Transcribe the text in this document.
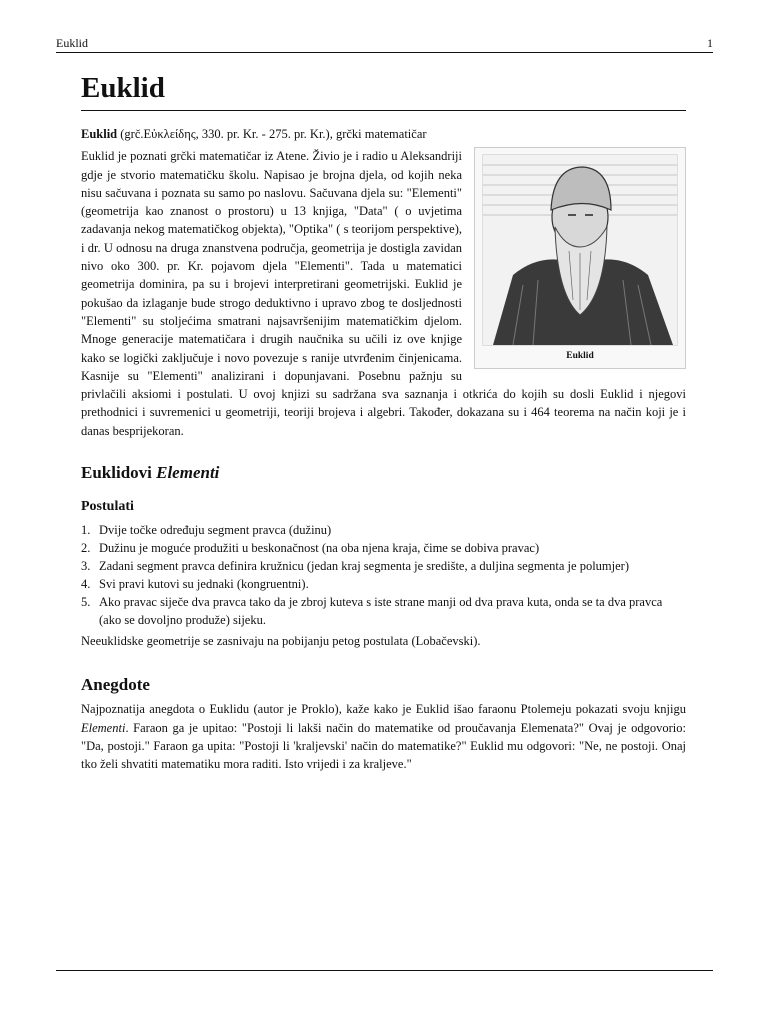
Euklid	1
Euklid

Euklid (grč.Εὐκλείδης, 330. pr. Kr. - 275. pr. Kr.), grčki matematičar

Euklid

Euklid je poznati grčki matematičar iz Atene. Živio je i radio u Aleksandriji gdje je stvorio matematičku školu. Napisao je brojna djela, od kojih neka nisu sačuvana i poznata su samo po naslovu. Sačuvana djela su: "Elementi" (geometrija kao znanost o prostoru) u 13 knjiga, "Data" ( o uvjetima zadavanja nekog matematičkog objekta), "Optika" ( s teorijom perspektive), i dr. U odnosu na druga znanstvena područja, geometrija je dostigla zavidan nivo oko 300. pr. Kr. pojavom djela "Elementi". Tada u matematici geometrija dominira, pa su i brojevi interpretirani geometrijski. Euklid je pokušao da izlaganje bude strogo deduktivno i upravo zbog te dosljednosti "Elementi" su stoljećima smatrani najsavršenijim matematičkim djelom. Mnoge generacije matematičara i drugih naučnika su učili iz ove knjige kako se logički zaključuje i novo povezuje s ranije utvrđenim činjenicama. Kasnije su "Elementi" analizirani i dopunjavani. Posebnu pažnju su privlačili aksiomi i postulati. U ovoj knjizi su sadržana sva saznanja i otkrića do kojih su dosli Euklid i njegovi prethodnici i suvremenici u geometriji, teoriji brojeva i algebri. Također, dokazana su i 464 teorema na način koji je i danas besprijekoran.

Euklidovi Elementi
Postulati
1. Dvije točke određuju segment pravca (dužinu)
2. Dužinu je moguće produžiti u beskonačnost (na oba njena kraja, čime se dobiva pravac)
3. Zadani segment pravca definira kružnicu (jedan kraj segmenta je središte, a duljina segmenta je polumjer)
4. Svi pravi kutovi su jednaki (kongruentni).
5. Ako pravac siječe dva pravca tako da je zbroj kuteva s iste strane manji od dva prava kuta, onda se ta dva pravca (ako se dovoljno produže) sijeku.

Neeuklidske geometrije se zasnivaju na pobijanju petog postulata (Lobačevski).

Anegdote

Najpoznatija anegdota o Euklidu (autor je Proklo), kaže kako je Euklid išao faraonu Ptolemeju pokazati svoju knjigu Elementi. Faraon ga je upitao: "Postoji li lakši način do matematike od proučavanja Elemenata?" Ovaj je odgovorio: "Da, postoji." Faraon ga upita: "Postoji li 'kraljevski' način do matematike?" Euklid mu odgovori: "Ne, ne postoji. Onaj tko želi shvatiti matematiku mora raditi. Isto vrijedi i za kraljeve."
